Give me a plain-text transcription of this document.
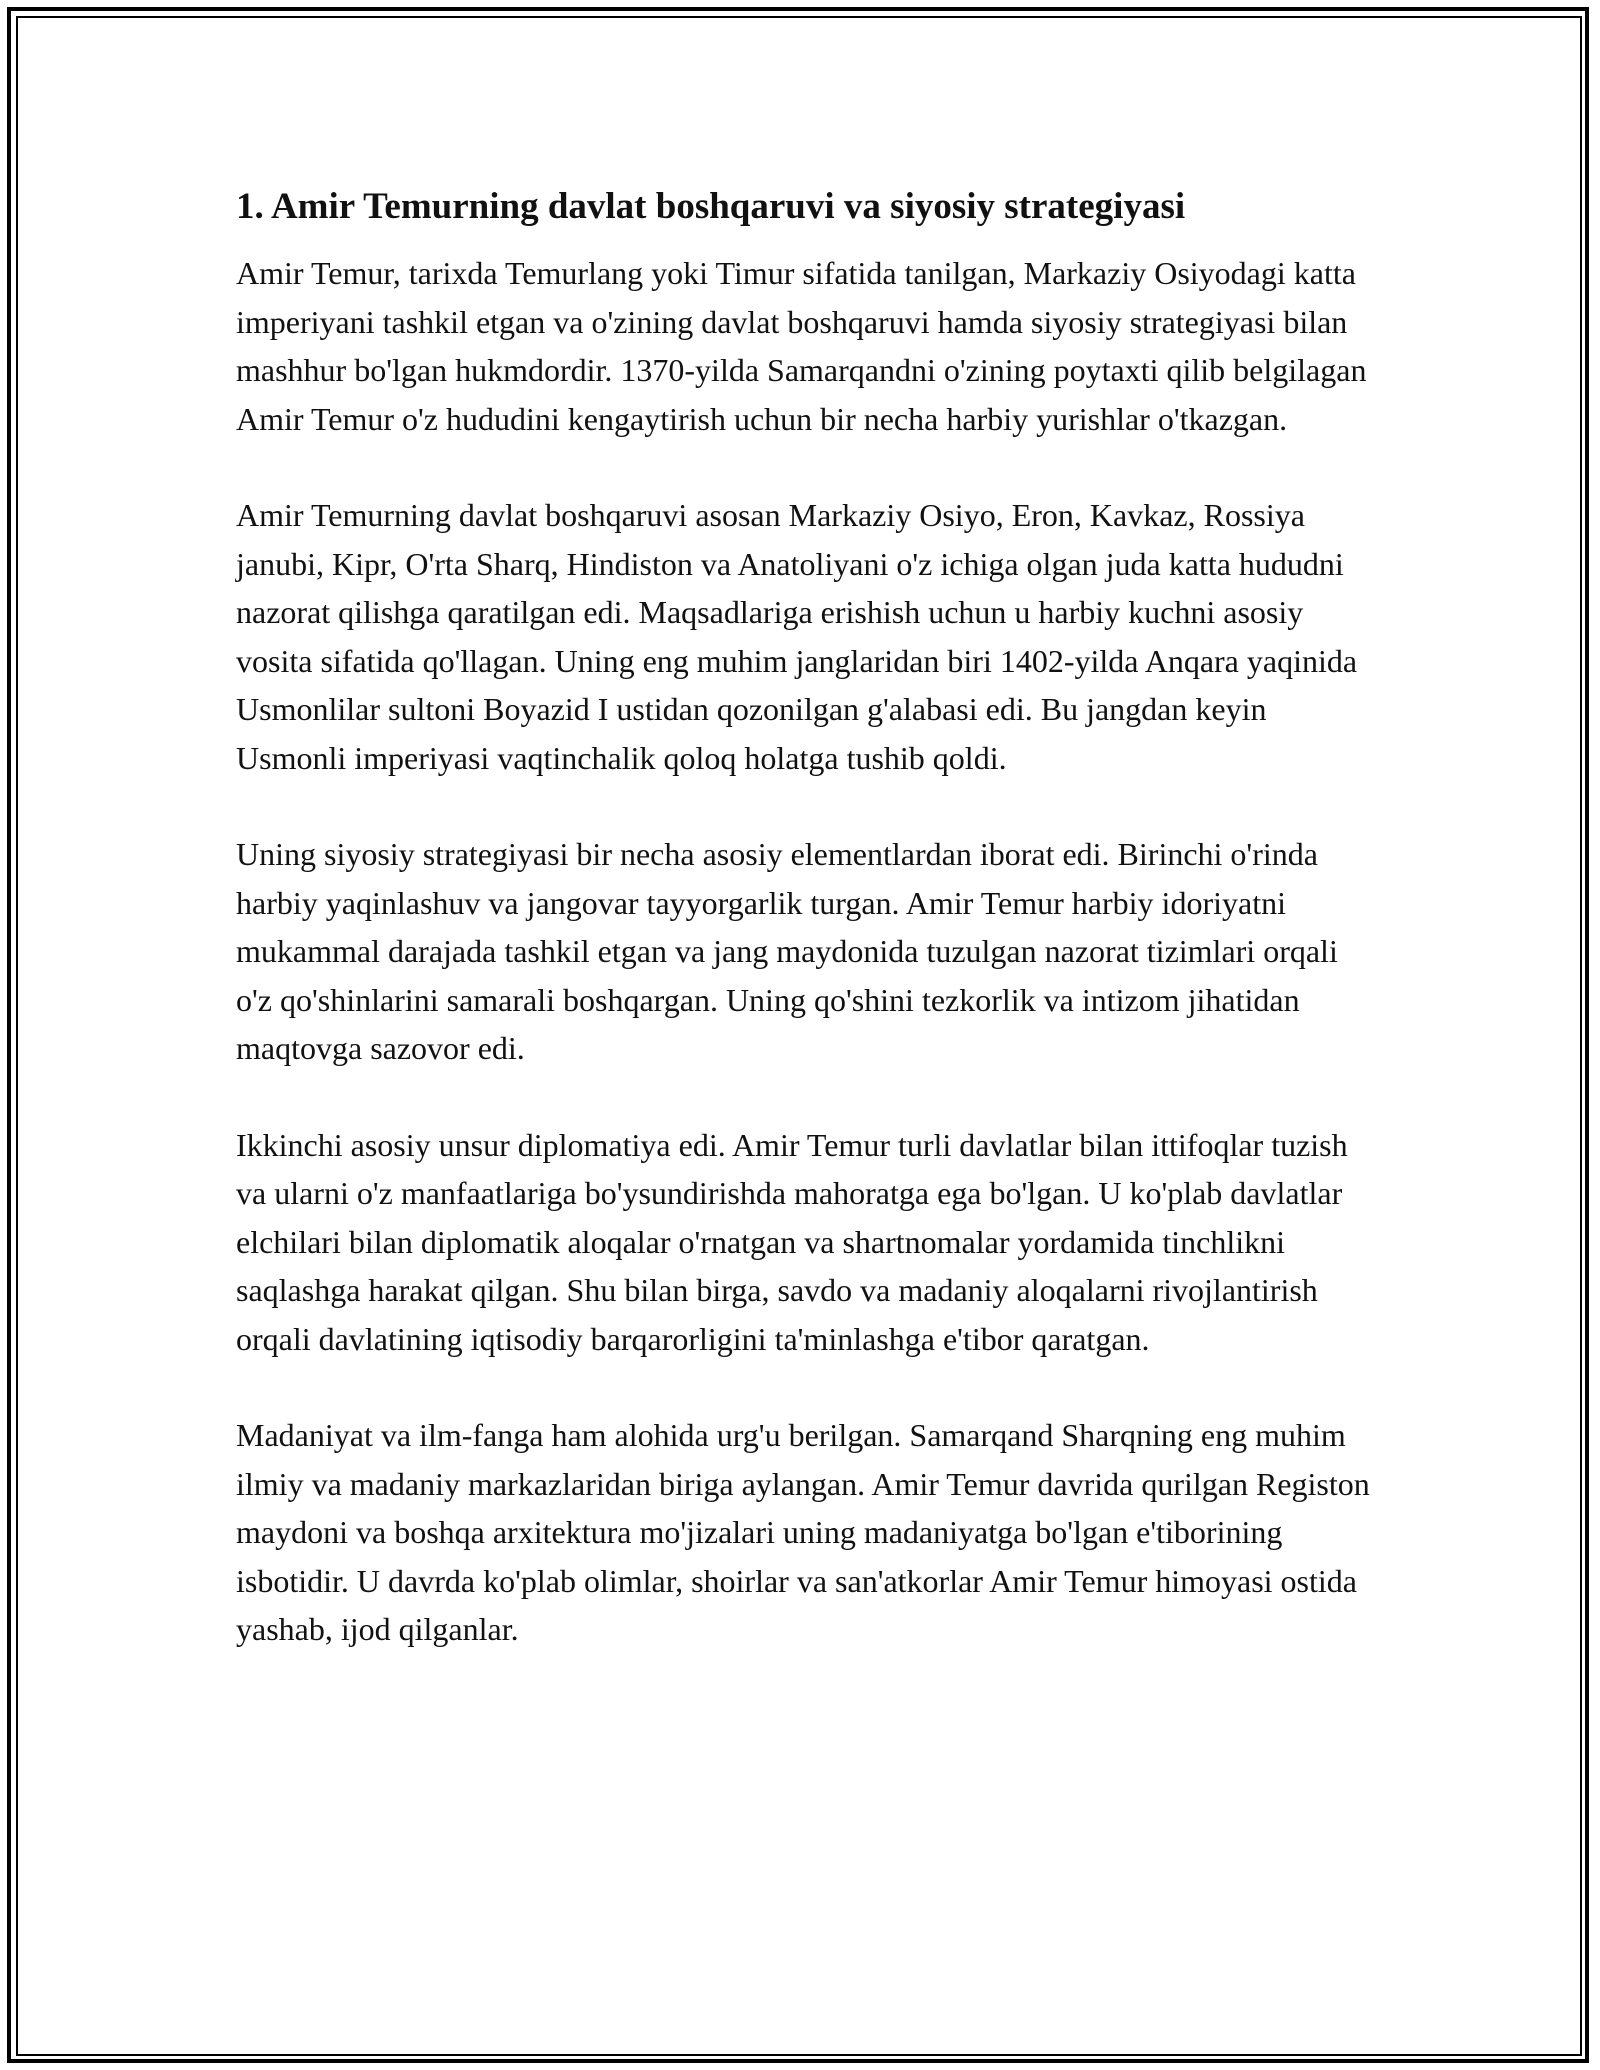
1. Amir Temurning davlat boshqaruvi va siyosiy strategiyasi

Amir Temur, tarixda Temurlang yoki Timur sifatida tanilgan, Markaziy Osiyodagi katta imperiyani tashkil etgan va o'zining davlat boshqaruvi hamda siyosiy strategiyasi bilan mashhur bo'lgan hukmdordir. 1370-yilda Samarqandni o'zining poytaxti qilib belgilagan Amir Temur o'z hududini kengaytirish uchun bir necha harbiy yurishlar o'tkazgan.

Amir Temurning davlat boshqaruvi asosan Markaziy Osiyo, Eron, Kavkaz, Rossiya janubi, Kipr, O'rta Sharq, Hindiston va Anatoliyani o'z ichiga olgan juda katta hududni nazorat qilishga qaratilgan edi. Maqsadlariga erishish uchun u harbiy kuchni asosiy vosita sifatida qo'llagan. Uning eng muhim janglaridan biri 1402-yilda Anqara yaqinida Usmonlilar sultoni Boyazid I ustidan qozonilgan g'alabasi edi. Bu jangdan keyin Usmonli imperiyasi vaqtinchalik qoloq holatga tushib qoldi.

Uning siyosiy strategiyasi bir necha asosiy elementlardan iborat edi. Birinchi o'rinda harbiy yaqinlashuv va jangovar tayyorgarlik turgan. Amir Temur harbiy idoriyatni mukammal darajada tashkil etgan va jang maydonida tuzulgan nazorat tizimlari orqali o'z qo'shinlarini samarali boshqargan. Uning qo'shini tezkorlik va intizom jihatidan maqtovga sazovor edi.

Ikkinchi asosiy unsur diplomatiya edi. Amir Temur turli davlatlar bilan ittifoqlar tuzish va ularni o'z manfaatlariga bo'ysundirishda mahoratga ega bo'lgan. U ko'plab davlatlar elchilari bilan diplomatik aloqalar o'rnatgan va shartnomalar yordamida tinchlikni saqlashga harakat qilgan. Shu bilan birga, savdo va madaniy aloqalarni rivojlantirish orqali davlatining iqtisodiy barqarorligini ta'minlashga e'tibor qaratgan.

Madaniyat va ilm-fanga ham alohida urg'u berilgan. Samarqand Sharqning eng muhim ilmiy va madaniy markazlaridan biriga aylangan. Amir Temur davrida qurilgan Registon maydoni va boshqa arxitektura mo'jizalari uning madaniyatga bo'lgan e'tiborining isbotidir. U davrda ko'plab olimlar, shoirlar va san'atkorlar Amir Temur himoyasi ostida yashab, ijod qilganlar.
